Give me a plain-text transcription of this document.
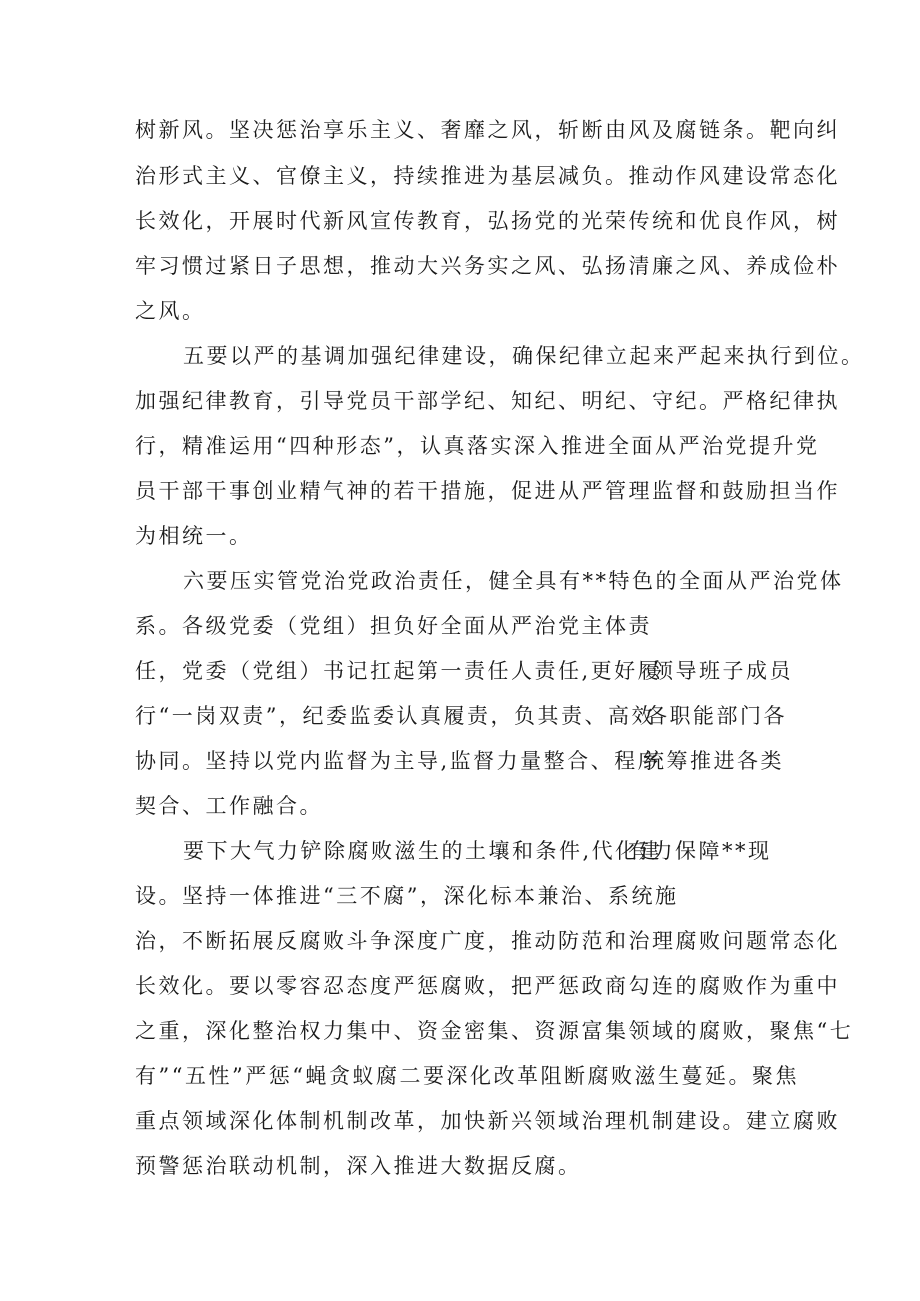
树新风。坚决惩治享乐主义、奢靡之风，斩断由风及腐链条。靶向纠
治形式主义、官僚主义，持续推进为基层减负。推动作风建设常态化
长效化，开展时代新风宣传教育，弘扬党的光荣传统和优良作风，树
牢习惯过紧日子思想，推动大兴务实之风、弘扬清廉之风、养成俭朴
之风。
五要以严的基调加强纪律建设，确保纪律立起来严起来执行到位。
加强纪律教育，引导党员干部学纪、知纪、明纪、守纪。严格纪律执
行，精准运用“四种形态”，认真落实深入推进全面从严治党提升党
员干部干事创业精气神的若干措施，促进从严管理监督和鼓励担当作
为相统一。
六要压实管党治党政治责任，健全具有**特色的全面从严治党体
系。各级党委（党组）担负好全面从严治党主体责
任，党委（党组）书记扛起第一责任人责任,更好履
领导班子成员
行“一岗双责”，纪委监委认真履责，负其责、高效
各职能部门各
协同。坚持以党内监督为主导,监督力量整合、程序
统筹推进各类
契合、工作融合。
要下大气力铲除腐败滋生的土壤和条件,代化建
有力保障**现
设。坚持一体推进“三不腐”，深化标本兼治、系统施
治，不断拓展反腐败斗争深度广度，推动防范和治理腐败问题常态化
长效化。要以零容忍态度严惩腐败，把严惩政商勾连的腐败作为重中
之重，深化整治权力集中、资金密集、资源富集领域的腐败，聚焦“七
有”“五性”严惩“蝇贪蚁腐二要深化改革阻断腐败滋生蔓延。聚焦
重点领域深化体制机制改革，加快新兴领域治理机制建设。建立腐败
预警惩治联动机制，深入推进大数据反腐。
